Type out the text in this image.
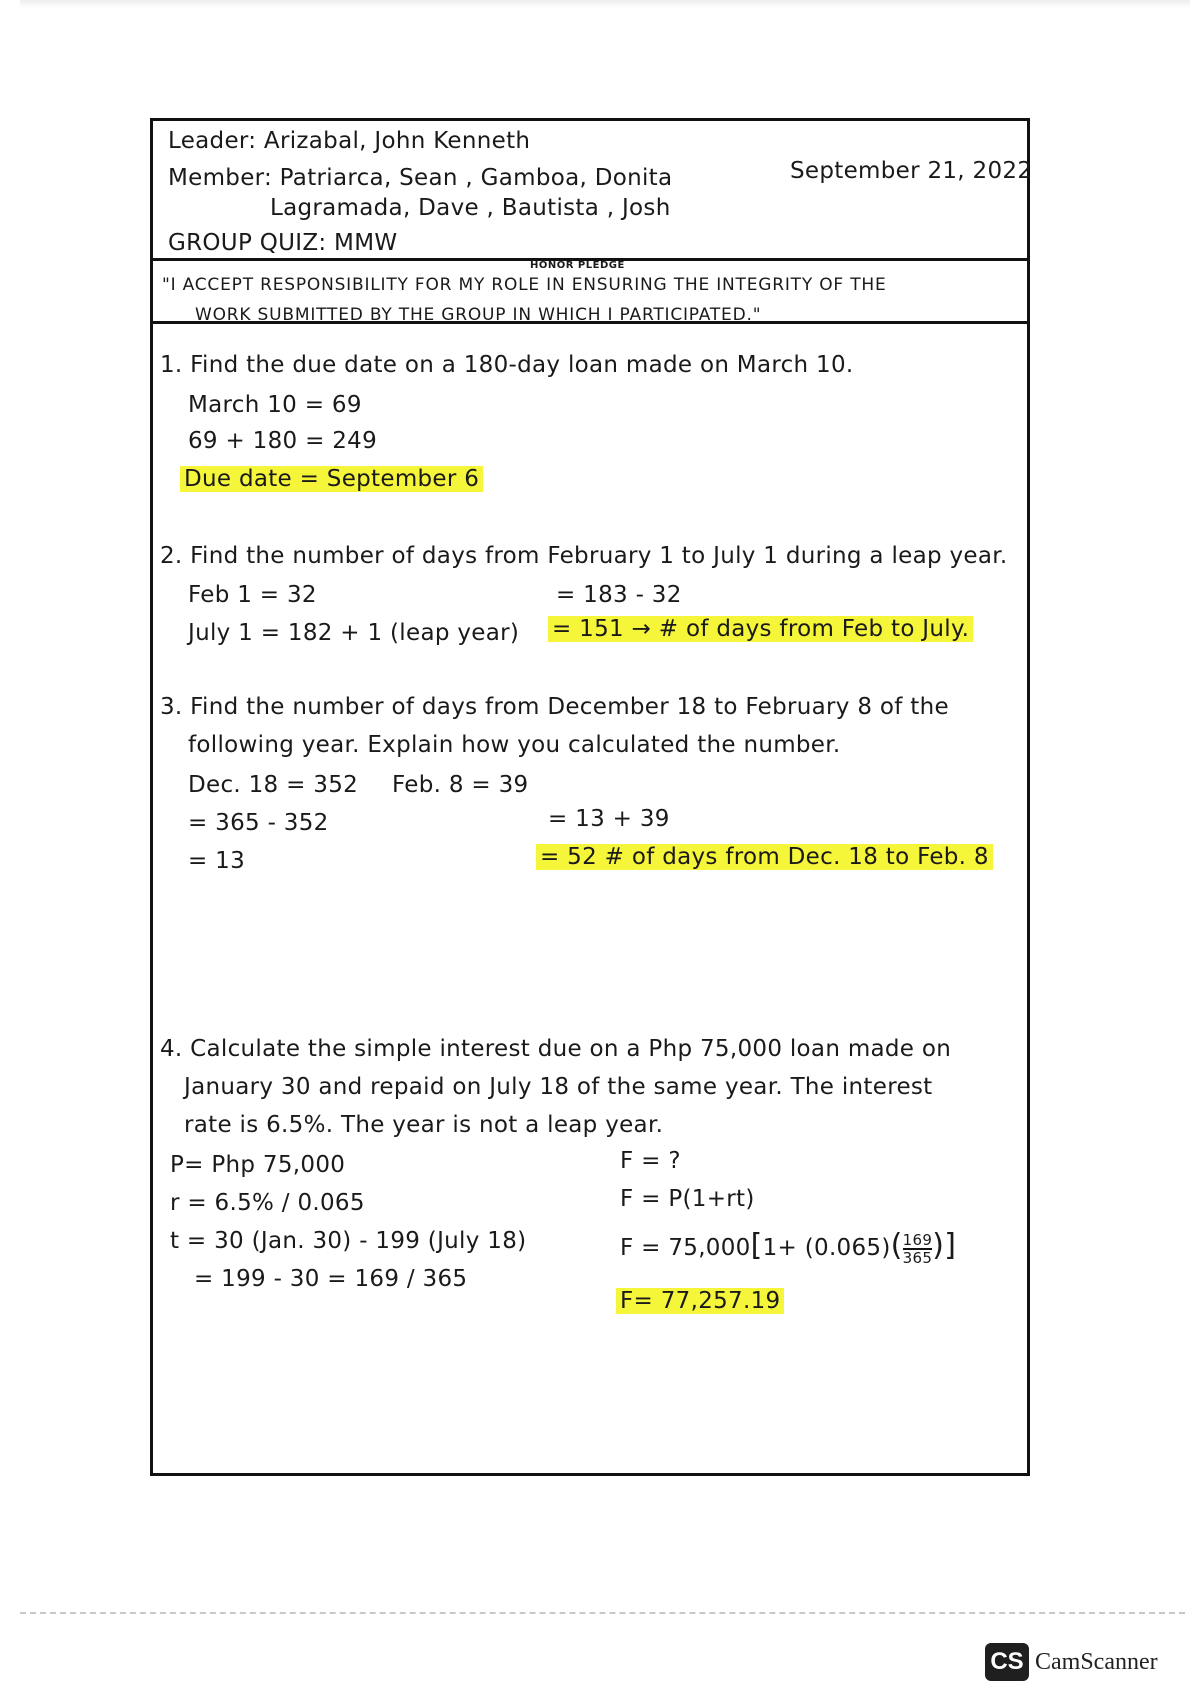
Leader: Arizabal, John Kenneth
Member: Patriarca, Sean , Gamboa, Donita	September 21, 2022
Lagramada, Dave , Bautista , Josh
GROUP QUIZ: MMW
HONOR PLEDGE
"I ACCEPT RESPONSIBILITY FOR MY ROLE IN ENSURING THE INTEGRITY OF THE
WORK SUBMITTED BY THE GROUP IN WHICH I PARTICIPATED."
1. Find the due date on a 180-day loan made on March 10.
March 10 = 69
69 + 180 = 249
Due date = September 6
2. Find the number of days from February 1 to July 1 during a leap year.
Feb 1 = 32
July 1 = 182 + 1 (leap year)
= 183 - 32
= 151 → # of days from Feb to July.
3. Find the number of days from December 18 to February 8 of the
following year. Explain how you calculated the number.
Dec. 18 = 352 Feb. 8 = 39
= 365 - 352
= 13
= 13 + 39
= 52 # of days from Dec. 18 to Feb. 8
4. Calculate the simple interest due on a Php 75,000 loan made on
January 30 and repaid on July 18 of the same year. The interest
rate is 6.5%. The year is not a leap year.
P= Php 75,000
r = 6.5% / 0.065
t = 30 (Jan. 30) - 199 (July 18)
= 199 - 30 = 169 / 365
F = ?
F = P(1+rt)
$F = 75,000[1+ (0.065)( \frac{169}{365}$ )]
F= 77,257.19
CS CamScanner
